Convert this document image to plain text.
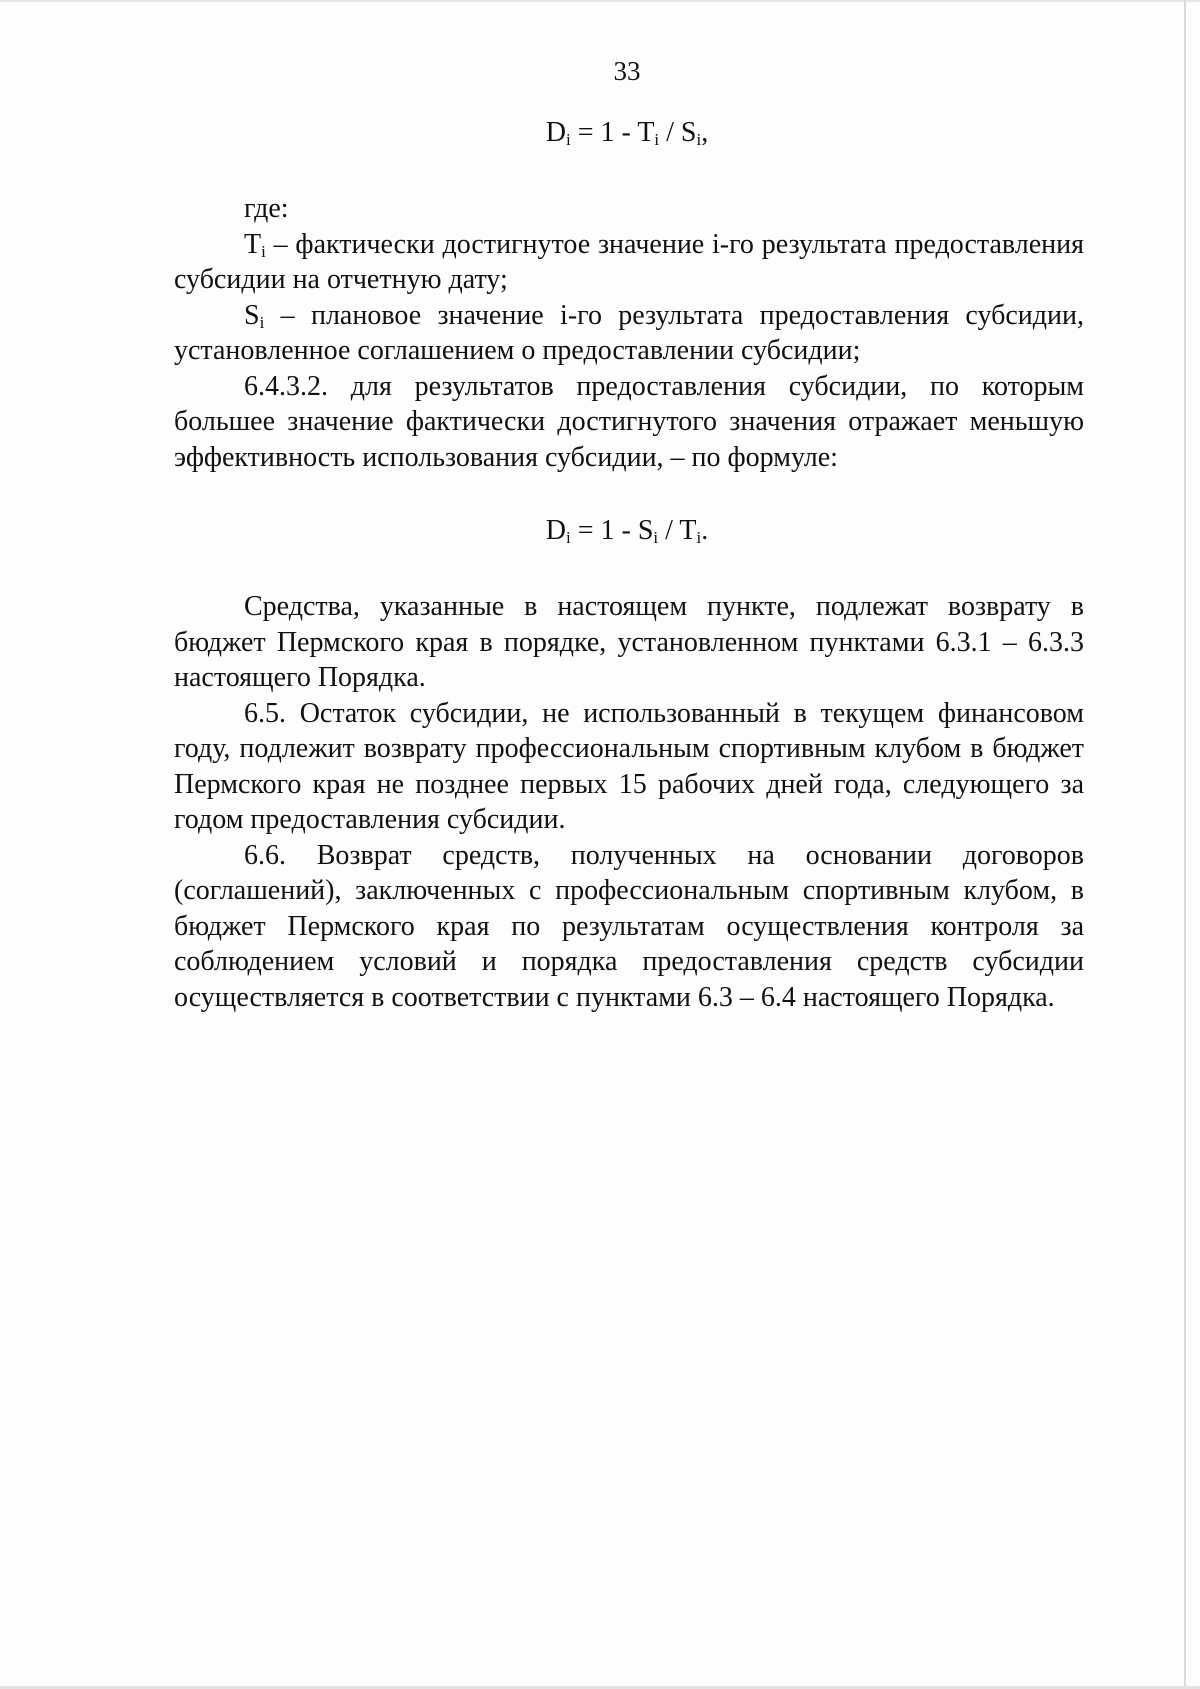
33
$D_i = 1 - T_i / S_i$,

где:

$T_i$ – фактически достигнутое значение i-го результата предоставления субсидии на отчетную дату;

$S_i$ – плановое значение i-го результата предоставления субсидии, установленное соглашением о предоставлении субсидии;

6.4.3.2. для результатов предоставления субсидии, по которым большее значение фактически достигнутого значения отражает меньшую эффективность использования субсидии, – по формуле:

$D_i = 1 - S_i / T_i$.

Средства, указанные в настоящем пункте, подлежат возврату в бюджет Пермского края в порядке, установленном пунктами 6.3.1 – 6.3.3 настоящего Порядка.

6.5. Остаток субсидии, не использованный в текущем финансовом году, подлежит возврату профессиональным спортивным клубом в бюджет Пермского края не позднее первых 15 рабочих дней года, следующего за годом предоставления субсидии.

6.6. Возврат средств, полученных на основании договоров (соглашений), заключенных с профессиональным спортивным клубом, в бюджет Пермского края по результатам осуществления контроля за соблюдением условий и порядка предоставления средств субсидии осуществляется в соответствии с пунктами 6.3 – 6.4 настоящего Порядка.
